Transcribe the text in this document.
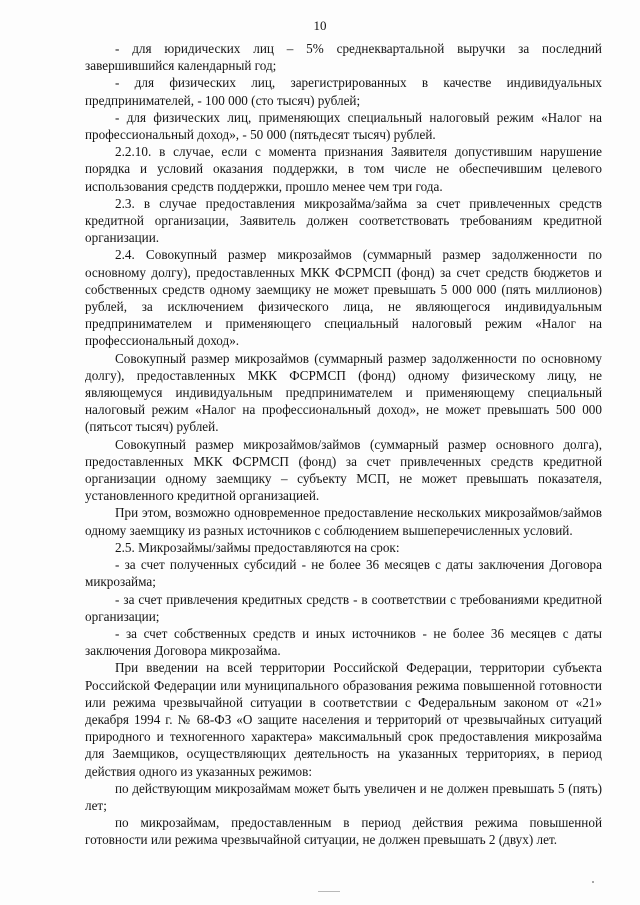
10

- для юридических лиц – 5% среднеквартальной выручки за последний завершившийся календарный год;

- для физических лиц, зарегистрированных в качестве индивидуальных предпринимателей, - 100 000 (сто тысяч) рублей;

- для физических лиц, применяющих специальный налоговый режим «Налог на профессиональный доход», - 50 000 (пятьдесят тысяч) рублей.

2.2.10. в случае, если с момента признания Заявителя допустившим нарушение порядка и условий оказания поддержки, в том числе не обеспечившим целевого использования средств поддержки, прошло менее чем три года.

2.3. в случае предоставления микрозайма/займа за счет привлеченных средств кредитной организации, Заявитель должен соответствовать требованиям кредитной организации.

2.4. Совокупный размер микрозаймов (суммарный размер задолженности по основному долгу), предоставленных МКК ФСРМСП (фонд) за счет средств бюджетов и собственных средств одному заемщику не может превышать 5 000 000 (пять миллионов) рублей, за исключением физического лица, не являющегося индивидуальным предпринимателем и применяющего специальный налоговый режим «Налог на профессиональный доход».

Совокупный размер микрозаймов (суммарный размер задолженности по основному долгу), предоставленных МКК ФСРМСП (фонд) одному физическому лицу, не являющемуся индивидуальным предпринимателем и применяющему специальный налоговый режим «Налог на профессиональный доход», не может превышать 500 000 (пятьсот тысяч) рублей.

Совокупный размер микрозаймов/займов (суммарный размер основного долга), предоставленных МКК ФСРМСП (фонд) за счет привлеченных средств кредитной организации одному заемщику – субъекту МСП, не может превышать показателя, установленного кредитной организацией.

При этом, возможно одновременное предоставление нескольких микрозаймов/займов одному заемщику из разных источников с соблюдением вышеперечисленных условий.

2.5. Микрозаймы/займы предоставляются на срок:

- за счет полученных субсидий - не более 36 месяцев с даты заключения Договора микрозайма;

- за счет привлечения кредитных средств - в соответствии с требованиями кредитной организации;

- за счет собственных средств и иных источников - не более 36 месяцев с даты заключения Договора микрозайма.

При введении на всей территории Российской Федерации, территории субъекта Российской Федерации или муниципального образования режима повышенной готовности или режима чрезвычайной ситуации в соответствии с Федеральным законом от «21» декабря 1994 г. № 68-ФЗ «О защите населения и территорий от чрезвычайных ситуаций природного и техногенного характера» максимальный срок предоставления микрозайма для Заемщиков, осуществляющих деятельность на указанных территориях, в период действия одного из указанных режимов:

по действующим микрозаймам может быть увеличен и не должен превышать 5 (пять) лет;

по микрозаймам, предоставленным в период действия режима повышенной готовности или режима чрезвычайной ситуации, не должен превышать 2 (двух) лет.
